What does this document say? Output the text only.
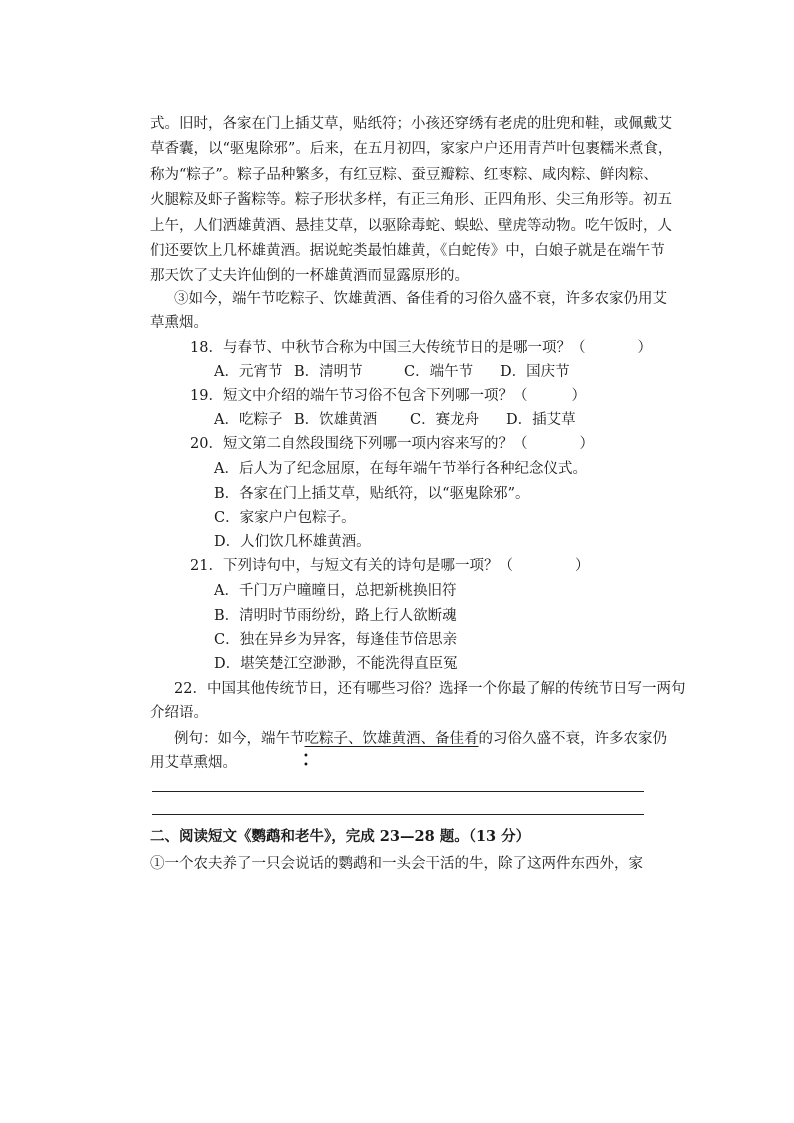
式。旧时，各家在门上插艾草，贴纸符；小孩还穿绣有老虎的肚兜和鞋，或佩戴艾
草香囊，以“驱鬼除邪”。后来，在五月初四，家家户户还用青芦叶包裹糯米煮食，
称为“粽子”。粽子品种繁多，有红豆粽、蚕豆瓣粽、红枣粽、咸肉粽、鲜肉粽、
火腿粽及虾子酱粽等。粽子形状多样，有正三角形、正四角形、尖三角形等。初五
上午，人们洒雄黄酒、悬挂艾草，以驱除毒蛇、蜈蚣、壁虎等动物。吃午饭时，人
们还要饮上几杯雄黄酒。据说蛇类最怕雄黄，《白蛇传》中，白娘子就是在端午节
那天饮了丈夫许仙倒的一杯雄黄酒而显露原形的。
③如今，端午节吃粽子、饮雄黄酒、备佳肴的习俗久盛不衰，许多农家仍用艾
草熏烟。
18．与春节、中秋节合称为中国三大传统节日的是哪一项？（	）
A．元宵节 B．清明节	C．端午节 D．国庆节
19．短文中介绍的端午节习俗不包含下列哪一项？（	）
A．吃粽子 B．饮雄黄酒 C．赛龙舟 D．插艾草
20．短文第二自然段围绕下列哪一项内容来写的？（	）
A．后人为了纪念屈原，在每年端午节举行各种纪念仪式。
B．各家在门上插艾草，贴纸符，以“驱鬼除邪”。
C．家家户户包粽子。
D．人们饮几杯雄黄酒。
21．下列诗句中，与短文有关的诗句是哪一项？（	）
A．千门万户曈曈日，总把新桃换旧符
B．清明时节雨纷纷，路上行人欲断魂
C．独在异乡为异客，每逢佳节倍思亲
D．堪笑楚江空渺渺，不能洗得直臣冤
22．中国其他传统节日，还有哪些习俗？选择一个你最了解的传统节日写一两句
介绍语。
例句：如今，端午节吃粽子、饮雄黄酒、备佳肴的习俗久盛不衰，许多农家仍
用艾草熏烟。	•
•
二、阅读短文《鹦鹉和老牛》，完成 23—28 题。（13 分）
①一个农夫养了一只会说话的鹦鹉和一头会干活的牛，除了这两件东西外，家
